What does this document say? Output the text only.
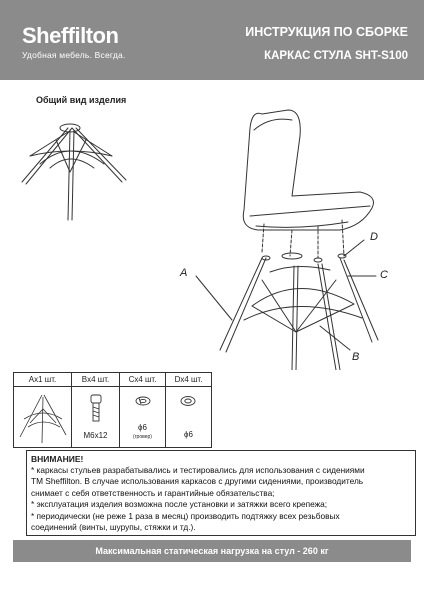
Sheffilton
Удобная мебель. Всегда.
ИНСТРУКЦИЯ ПО СБОРКЕ
КАРКАС СТУЛА SHT-S100
Общий вид изделия
A
D
C
B
Ax1 шт.	Bx4 шт.
M6x12
Cx4 шт.
ϕ6
(гровер)
Dx4 шт.
ϕ6
ВНИМАНИЕ!
* каркасы стульев разрабатывались и тестировались для использования с сидениями
ТМ Sheffilton. В случае использования каркасов с другими сидениями, производитель
снимает с себя ответственность и гарантийные обязательства;
* эксплуатация изделия возможна после установки и затяжки всего крепежа;
* периодически (не реже 1 раза в месяц) производить подтяжку всех резьбовых
соединений (винты, шурупы, стяжки и тд.).
Максимальная статическая нагрузка на стул - 260 кг
